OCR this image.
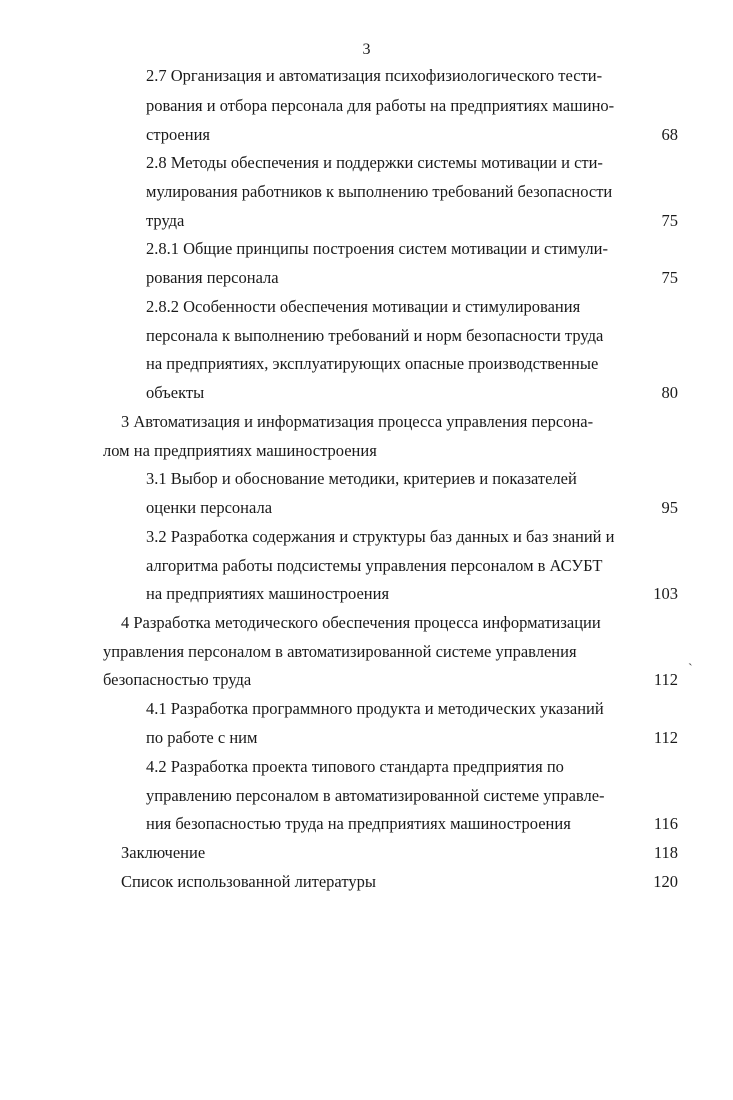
3
2.7 Организация и автоматизация психофизиологического тести-
рования и отбора персонала для работы на предприятиях машино-
строения	68
2.8 Методы обеспечения и поддержки системы мотивации и сти-
мулирования работников к выполнению требований безопасности
труда	75
2.8.1 Общие принципы построения систем мотивации и стимули-
рования персонала	75
2.8.2 Особенности обеспечения мотивации и стимулирования
персонала к выполнению требований и норм безопасности труда
на предприятиях, эксплуатирующих опасные производственные
объекты	80
3 Автоматизация и информатизация процесса управления персона-
лом на предприятиях машиностроения
3.1 Выбор и обоснование методики, критериев и показателей
оценки персонала	95
3.2 Разработка содержания и структуры баз данных и баз знаний и
алгоритма работы подсистемы управления персоналом в АСУБТ
на предприятиях машиностроения	103
4 Разработка методического обеспечения процесса информатизации
управления персоналом в автоматизированной системе управления
безопасностью труда	112
4.1 Разработка программного продукта и методических указаний
по работе с ним	112
4.2 Разработка проекта типового стандарта предприятия по
управлению персоналом в автоматизированной системе управле-
ния безопасностью труда на предприятиях машиностроения	116
Заключение	118
Список использованной литературы	120
`
